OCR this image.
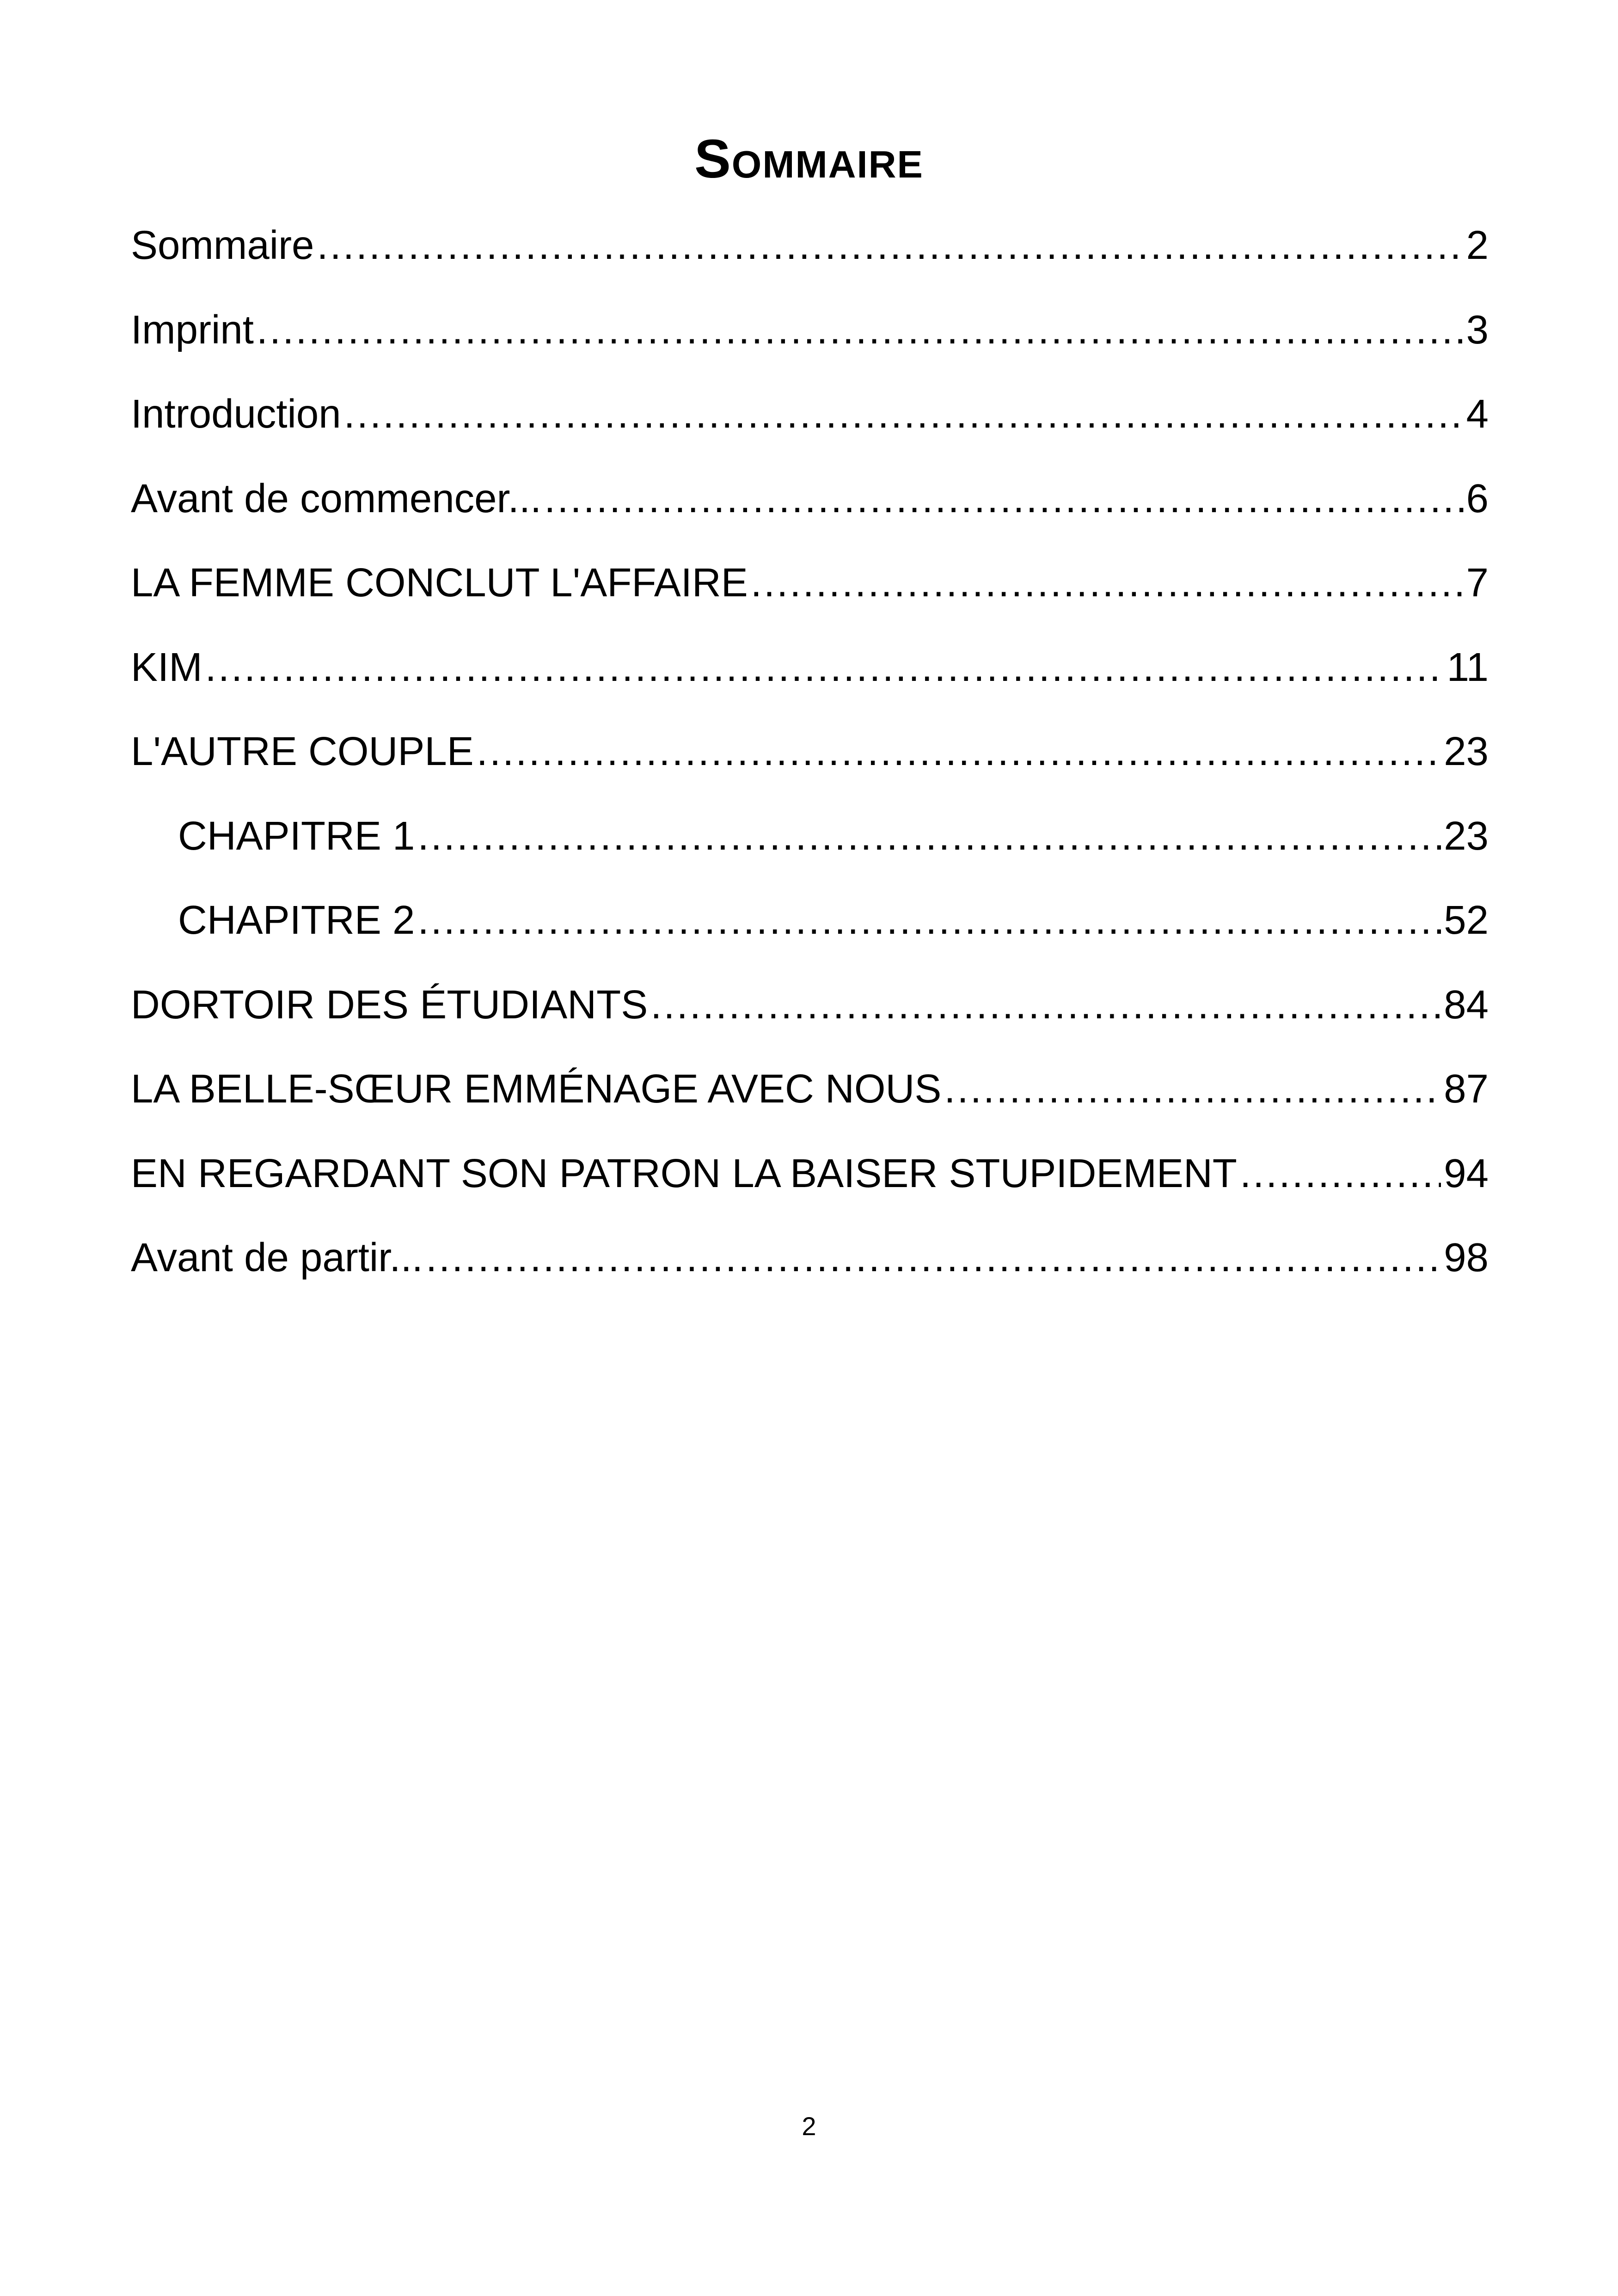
Sommaire
Sommaire .....	2
Imprint .....	3
Introduction .....	4
Avant de commencer... .....	6
LA FEMME CONCLUT L'AFFAIRE .....	7
KIM .....	11
L'AUTRE COUPLE .....	23
CHAPITRE 1 .....	23
CHAPITRE 2 .....	52
DORTOIR DES ÉTUDIANTS .....	84
LA BELLE-SŒUR EMMÉNAGE AVEC NOUS .....	87
EN REGARDANT SON PATRON LA BAISER STUPIDEMENT .....	94
Avant de partir... .....	98
2
